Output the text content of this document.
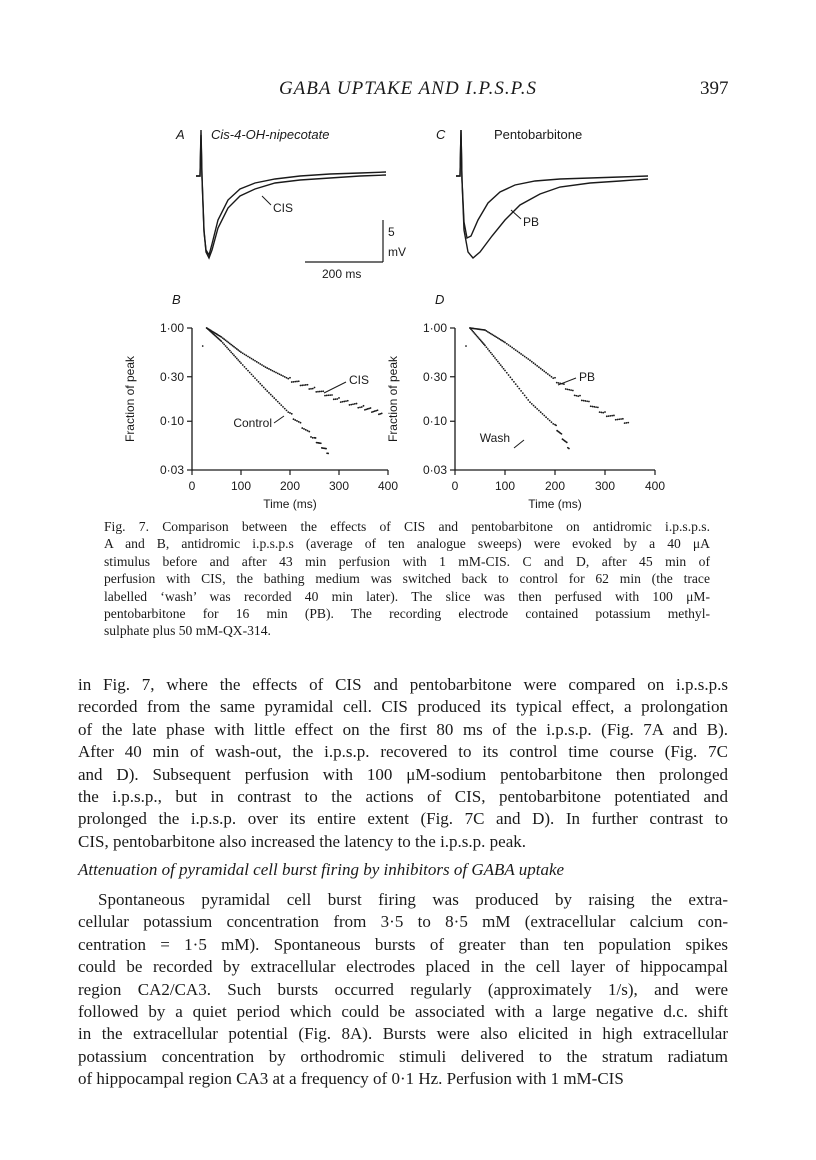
GABA UPTAKE AND I.P.S.P.S	397
A Cis-4-OH-nipecotate
CIS
5
mV
200 ms
C	Pentobarbitone
PB
B
1·00
0·30
0·10
0·03
0	100 200 300 400
Time (ms)
Fraction of peak	CIS
Control
D
1·00
0·30
0·10
0·03
0	100 200 300 400
Time (ms)
Fraction of peak	PB
Wash
Fig. 7. Comparison between the effects of CIS and pentobarbitone on antidromic i.p.s.p.s.
A and B, antidromic i.p.s.p.s (average of ten analogue sweeps) were evoked by a 40 μA
stimulus before and after 43 min perfusion with 1 mM-CIS. C and D, after 45 min of
perfusion with CIS, the bathing medium was switched back to control for 62 min (the trace
labelled ‘wash’ was recorded 40 min later). The slice was then perfused with 100 μM-
pentobarbitone for 16 min (PB). The recording electrode contained potassium methyl-
sulphate plus 50 mM-QX-314.
in Fig. 7, where the effects of CIS and pentobarbitone were compared on i.p.s.p.s
recorded from the same pyramidal cell. CIS produced its typical effect, a prolongation
of the late phase with little effect on the first 80 ms of the i.p.s.p. (Fig. 7A and B).
After 40 min of wash-out, the i.p.s.p. recovered to its control time course (Fig. 7C
and D). Subsequent perfusion with 100 μM-sodium pentobarbitone then prolonged
the i.p.s.p., but in contrast to the actions of CIS, pentobarbitone potentiated and
prolonged the i.p.s.p. over its entire extent (Fig. 7C and D). In further contrast to
CIS, pentobarbitone also increased the latency to the i.p.s.p. peak.
Attenuation of pyramidal cell burst firing by inhibitors of GABA uptake
Spontaneous pyramidal cell burst firing was produced by raising the extra-
cellular potassium concentration from 3·5 to 8·5 mM (extracellular calcium con-
centration = 1·5 mM). Spontaneous bursts of greater than ten population spikes
could be recorded by extracellular electrodes placed in the cell layer of hippocampal
region CA2/CA3. Such bursts occurred regularly (approximately 1/s), and were
followed by a quiet period which could be associated with a large negative d.c. shift
in the extracellular potential (Fig. 8A). Bursts were also elicited in high extracellular
potassium concentration by orthodromic stimuli delivered to the stratum radiatum
of hippocampal region CA3 at a frequency of 0·1 Hz. Perfusion with 1 mM-CIS
